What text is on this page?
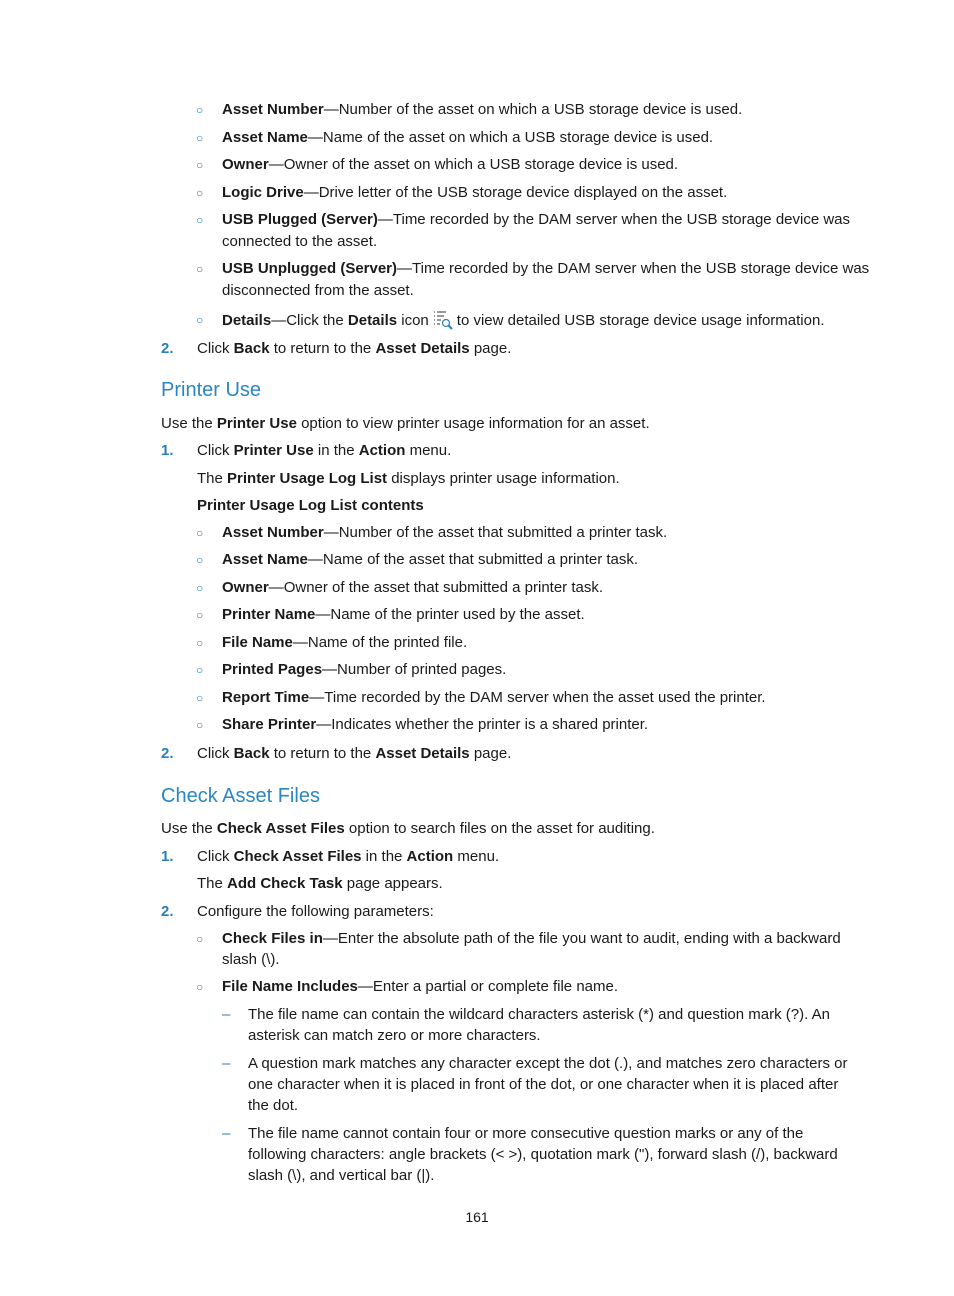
○ Asset Number—Number of the asset on which a USB storage device is used.
○ Asset Name—Name of the asset on which a USB storage device is used.
○ Owner—Owner of the asset on which a USB storage device is used.
○ Logic Drive—Drive letter of the USB storage device displayed on the asset.
○ USB Plugged (Server)—Time recorded by the DAM server when the USB storage device was
connected to the asset.
○ USB Unplugged (Server)—Time recorded by the DAM server when the USB storage device was
disconnected from the asset.
○ Details—Click the Details icon to view detailed USB storage device usage information.
2. Click Back to return to the Asset Details page.
Printer Use
Use the Printer Use option to view printer usage information for an asset.
1. Click Printer Use in the Action menu.
The Printer Usage Log List displays printer usage information.
Printer Usage Log List contents
○ Asset Number—Number of the asset that submitted a printer task.
○ Asset Name—Name of the asset that submitted a printer task.
○ Owner—Owner of the asset that submitted a printer task.
○ Printer Name—Name of the printer used by the asset.
○ File Name—Name of the printed file.
○ Printed Pages—Number of printed pages.
○ Report Time—Time recorded by the DAM server when the asset used the printer.
○ Share Printer—Indicates whether the printer is a shared printer.
2. Click Back to return to the Asset Details page.
Check Asset Files
Use the Check Asset Files option to search files on the asset for auditing.
1. Click Check Asset Files in the Action menu.
The Add Check Task page appears.
2. Configure the following parameters:
○ Check Files in—Enter the absolute path of the file you want to audit, ending with a backward
slash (\).
○ File Name Includes—Enter a partial or complete file name.
– The file name can contain the wildcard characters asterisk (*) and question mark (?). An
asterisk can match zero or more characters.
– A question mark matches any character except the dot (.), and matches zero characters or
one character when it is placed in front of the dot, or one character when it is placed after
the dot.
– The file name cannot contain four or more consecutive question marks or any of the
following characters: angle brackets (< >), quotation mark ("), forward slash (/), backward
slash (\), and vertical bar (|).
161
